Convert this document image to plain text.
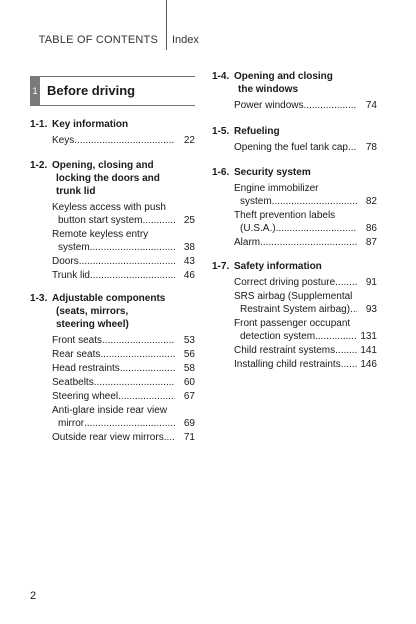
TABLE OF CONTENTS Index
1 Before driving
1-1. Key information
Keys .....	22
1-2. Opening, closing and
locking the doors and
trunk lid
Keyless access with push
button start system .....	25
Remote keyless entry
system .....	38
Doors .....	43
Trunk lid .....	46
1-3. Adjustable components
(seats, mirrors,
steering wheel)
Front seats .....	53
Rear seats .....	56
Head restraints .....	58
Seatbelts .....	60
Steering wheel .....	67
Anti-glare inside rear view
mirror .....	69
Outside rear view mirrors .....	71
1-4. Opening and closing
the windows
Power windows .....	74
1-5. Refueling
Opening the fuel tank cap .....	78
1-6. Security system
Engine immobilizer
system .....	82
Theft prevention labels
(U.S.A.) .....	86
Alarm .....	87
1-7. Safety information
Correct driving posture .....	91
SRS airbag (Supplemental
Restraint System airbag) .....	93
Front passenger occupant
detection system .....	131
Child restraint systems .....	141
Installing child restraints .....	146
2
